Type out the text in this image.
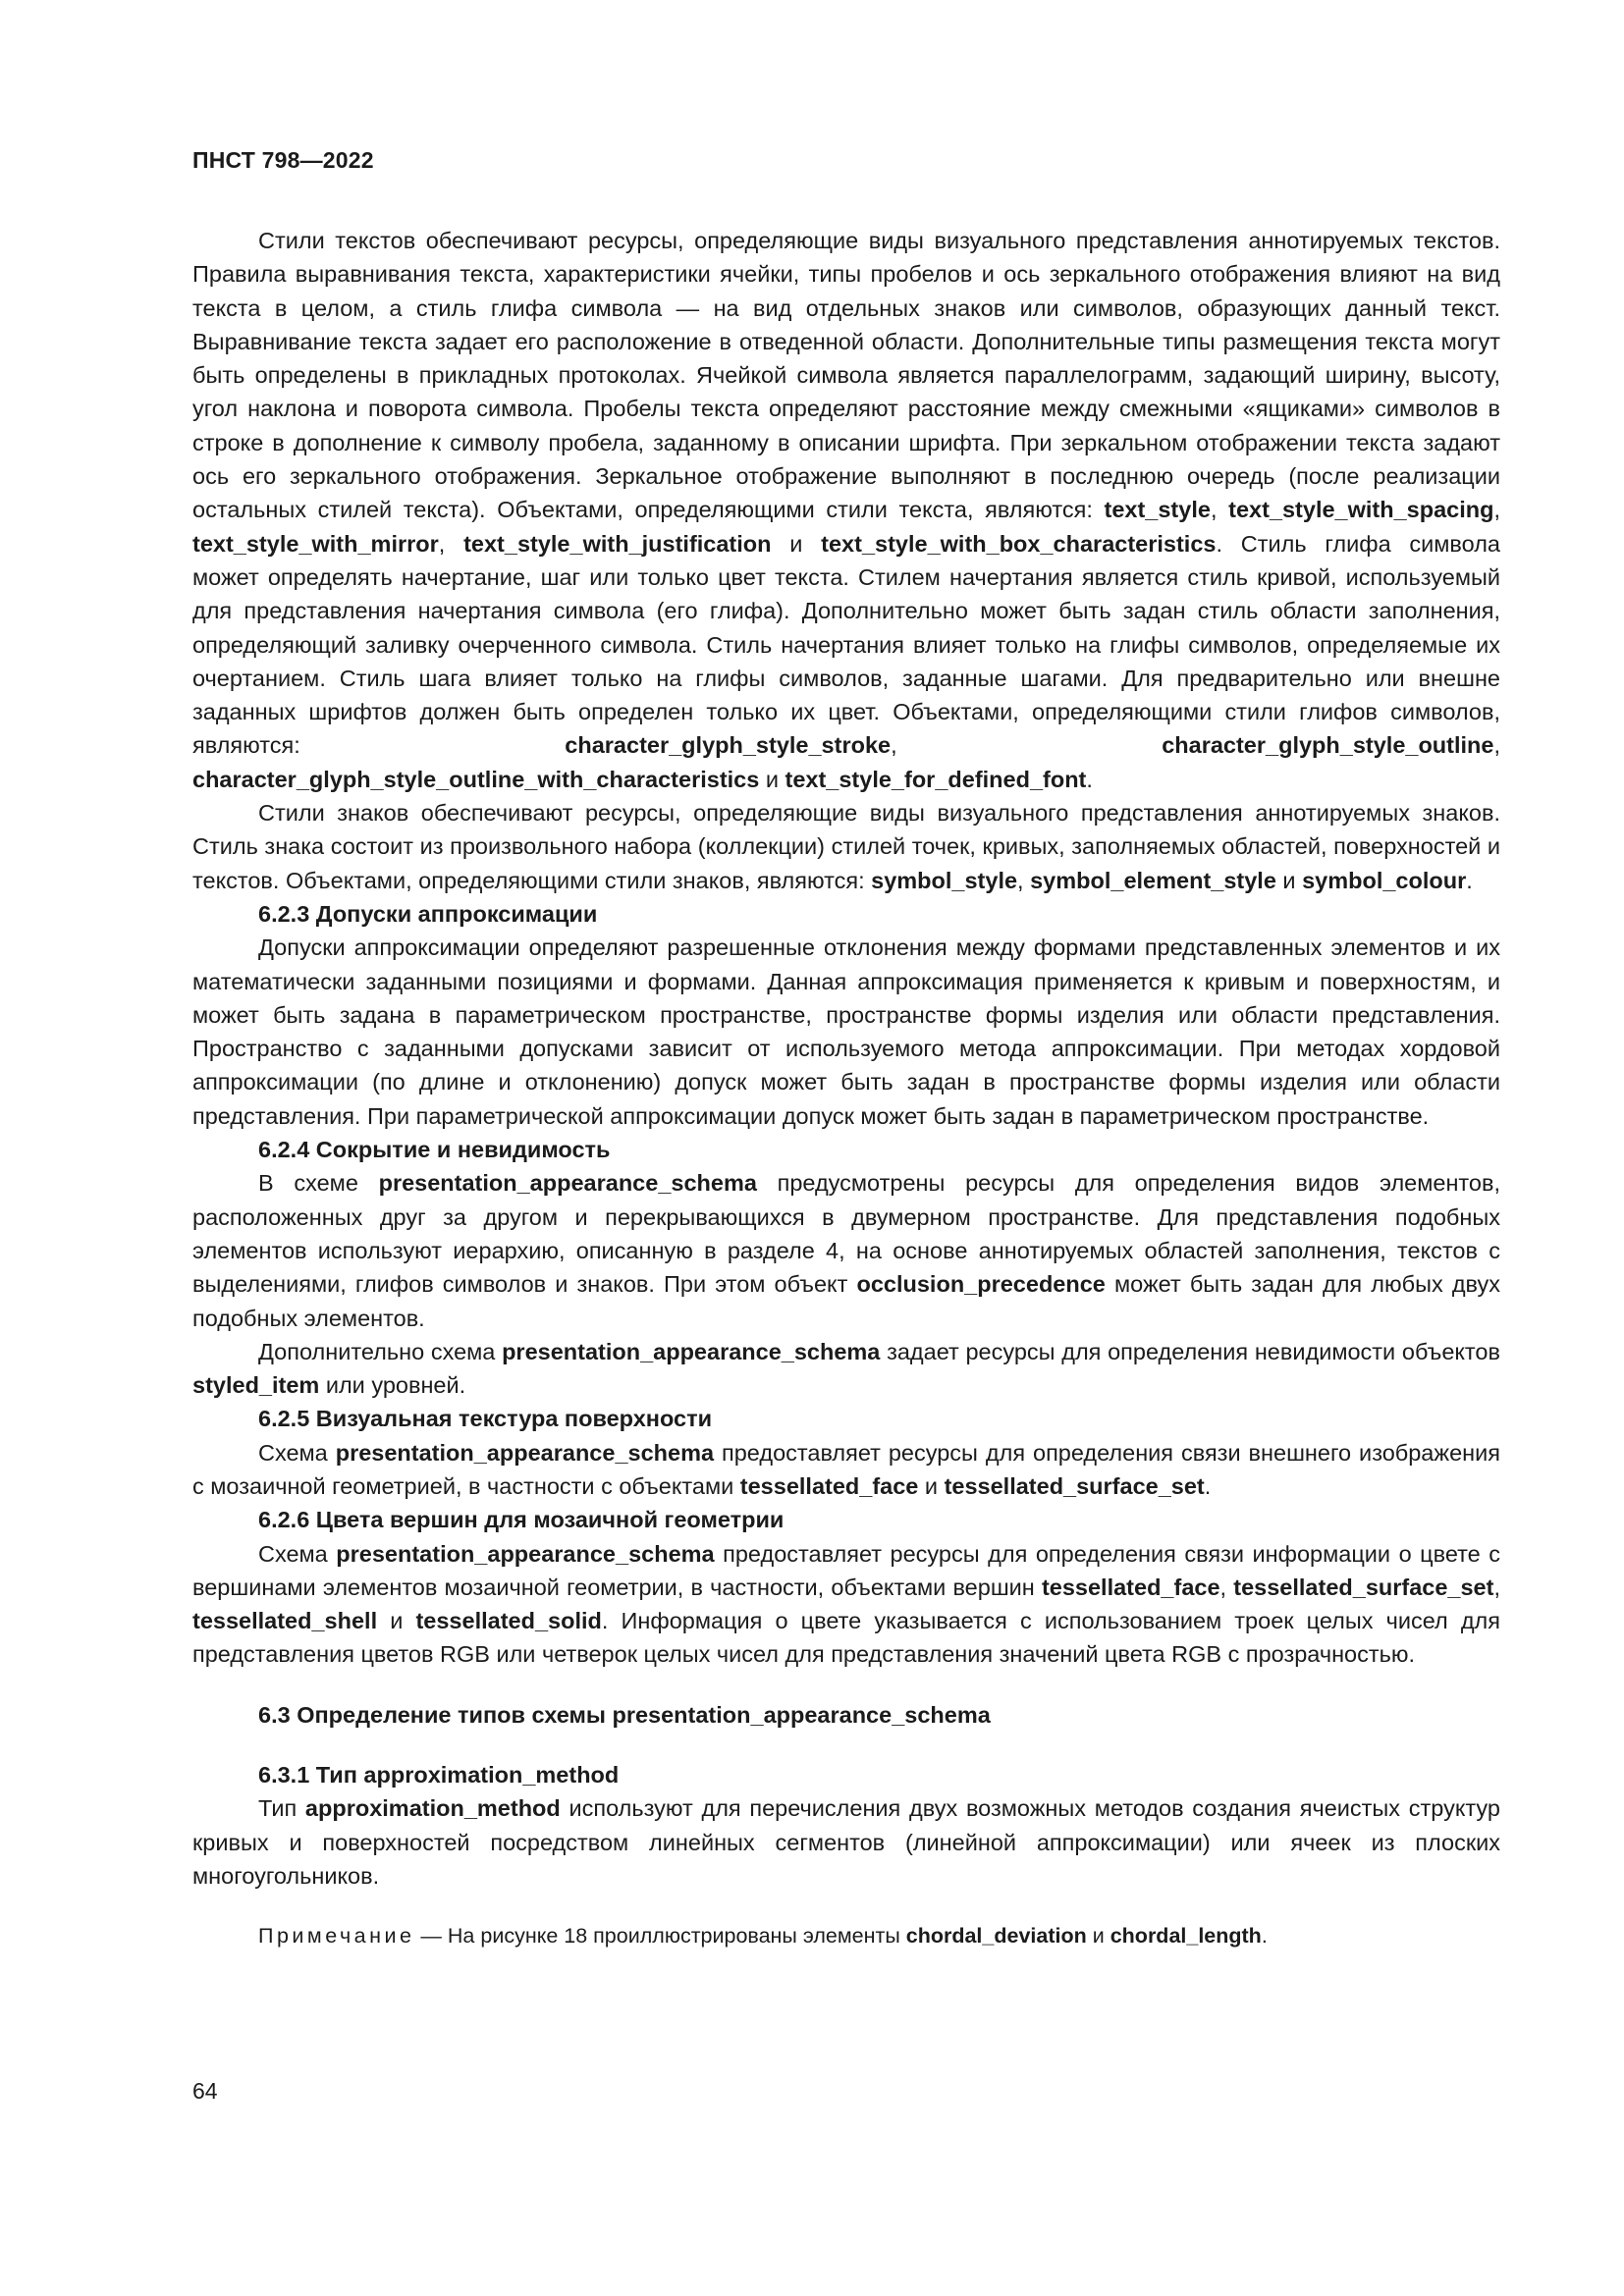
ПНСТ 798—2022

Стили текстов обеспечивают ресурсы, определяющие виды визуального представления аннотируемых текстов. Правила выравнивания текста, характеристики ячейки, типы пробелов и ось зеркального отображения влияют на вид текста в целом, а стиль глифа символа — на вид отдельных знаков или символов, образующих данный текст. Выравнивание текста задает его расположение в отведенной области. Дополнительные типы размещения текста могут быть определены в прикладных протоколах. Ячейкой символа является параллелограмм, задающий ширину, высоту, угол наклона и поворота символа. Пробелы текста определяют расстояние между смежными «ящиками» символов в строке в дополнение к символу пробела, заданному в описании шрифта. При зеркальном отображении текста задают ось его зеркального отображения. Зеркальное отображение выполняют в последнюю очередь (после реализации остальных стилей текста). Объектами, определяющими стили текста, являются: text_style, text_style_with_spacing, text_style_with_mirror, text_style_with_justification и text_style_with_box_characteristics. Стиль глифа символа может определять начертание, шаг или только цвет текста. Стилем начертания является стиль кривой, используемый для представления начертания символа (его глифа). Дополнительно может быть задан стиль области заполнения, определяющий заливку очерченного символа. Стиль начертания влияет только на глифы символов, определяемые их очертанием. Стиль шага влияет только на глифы символов, заданные шагами. Для предварительно или внешне заданных шрифтов должен быть определен только их цвет. Объектами, определяющими стили глифов символов, являются: character_glyph_style_stroke, character_glyph_style_outline, character_glyph_style_outline_with_characteristics и text_style_for_defined_font.

Стили знаков обеспечивают ресурсы, определяющие виды визуального представления аннотируемых знаков. Стиль знака состоит из произвольного набора (коллекции) стилей точек, кривых, заполняемых областей, поверхностей и текстов. Объектами, определяющими стили знаков, являются: symbol_style, symbol_element_style и symbol_colour.

6.2.3 Допуски аппроксимации

Допуски аппроксимации определяют разрешенные отклонения между формами представленных элементов и их математически заданными позициями и формами. Данная аппроксимация применяется к кривым и поверхностям, и может быть задана в параметрическом пространстве, пространстве формы изделия или области представления. Пространство с заданными допусками зависит от используемого метода аппроксимации. При методах хордовой аппроксимации (по длине и отклонению) допуск может быть задан в пространстве формы изделия или области представления. При параметрической аппроксимации допуск может быть задан в параметрическом пространстве.

6.2.4 Сокрытие и невидимость

В схеме presentation_appearance_schema предусмотрены ресурсы для определения видов элементов, расположенных друг за другом и перекрывающихся в двумерном пространстве. Для представления подобных элементов используют иерархию, описанную в разделе 4, на основе аннотируемых областей заполнения, текстов с выделениями, глифов символов и знаков. При этом объект occlusion_precedence может быть задан для любых двух подобных элементов.

Дополнительно схема presentation_appearance_schema задает ресурсы для определения невидимости объектов styled_item или уровней.

6.2.5 Визуальная текстура поверхности

Схема presentation_appearance_schema предоставляет ресурсы для определения связи внешнего изображения с мозаичной геометрией, в частности с объектами tessellated_face и tessellated_surface_set.

6.2.6 Цвета вершин для мозаичной геометрии

Схема presentation_appearance_schema предоставляет ресурсы для определения связи информации о цвете с вершинами элементов мозаичной геометрии, в частности, объектами вершин tessellated_face, tessellated_surface_set, tessellated_shell и tessellated_solid. Информация о цвете указывается с использованием троек целых чисел для представления цветов RGB или четверок целых чисел для представления значений цвета RGB с прозрачностью.

6.3 Определение типов схемы presentation_appearance_schema
6.3.1 Тип approximation_method

Тип approximation_method используют для перечисления двух возможных методов создания ячеистых структур кривых и поверхностей посредством линейных сегментов (линейной аппроксимации) или ячеек из плоских многоугольников.

Примечание — На рисунке 18 проиллюстрированы элементы chordal_deviation и chordal_length.

64
